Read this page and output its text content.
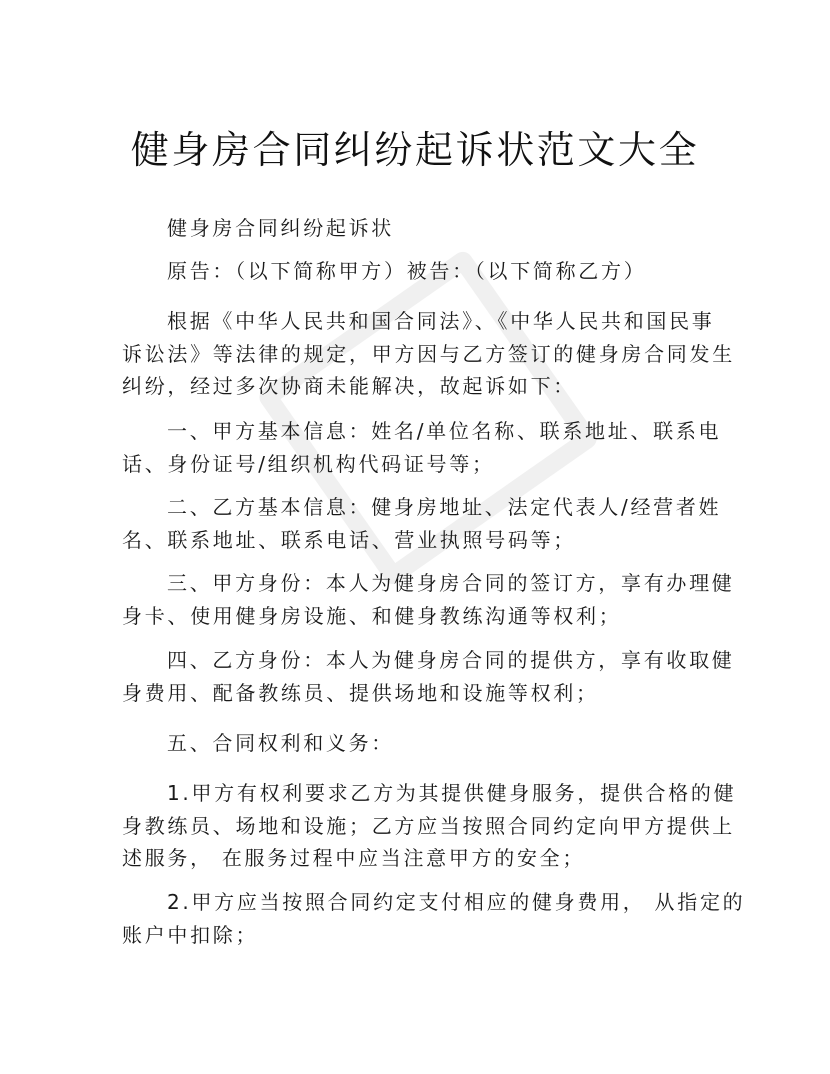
健身房合同纠纷起诉状范文大全
健身房合同纠纷起诉状
原告：（以下简称甲方）被告：（以下简称乙方）
根据《中华人民共和国合同法》、《中华人民共和国民事
诉讼法》等法律的规定，甲方因与乙方签订的健身房合同发生
纠纷，经过多次协商未能解决，故起诉如下：
一、甲方基本信息：姓名/单位名称、联系地址、联系电
话、身份证号/组织机构代码证号等；
二、乙方基本信息：健身房地址、法定代表人/经营者姓
名、联系地址、联系电话、营业执照号码等；
三、甲方身份：本人为健身房合同的签订方，享有办理健
身卡、使用健身房设施、和健身教练沟通等权利；
四、乙方身份：本人为健身房合同的提供方，享有收取健
身费用、配备教练员、提供场地和设施等权利；
五、合同权利和义务：
1.甲方有权利要求乙方为其提供健身服务，提供合格的健
身教练员、场地和设施；乙方应当按照合同约定向甲方提供上
述服务， 在服务过程中应当注意甲方的安全；
2.甲方应当按照合同约定支付相应的健身费用， 从指定的
账户中扣除；
